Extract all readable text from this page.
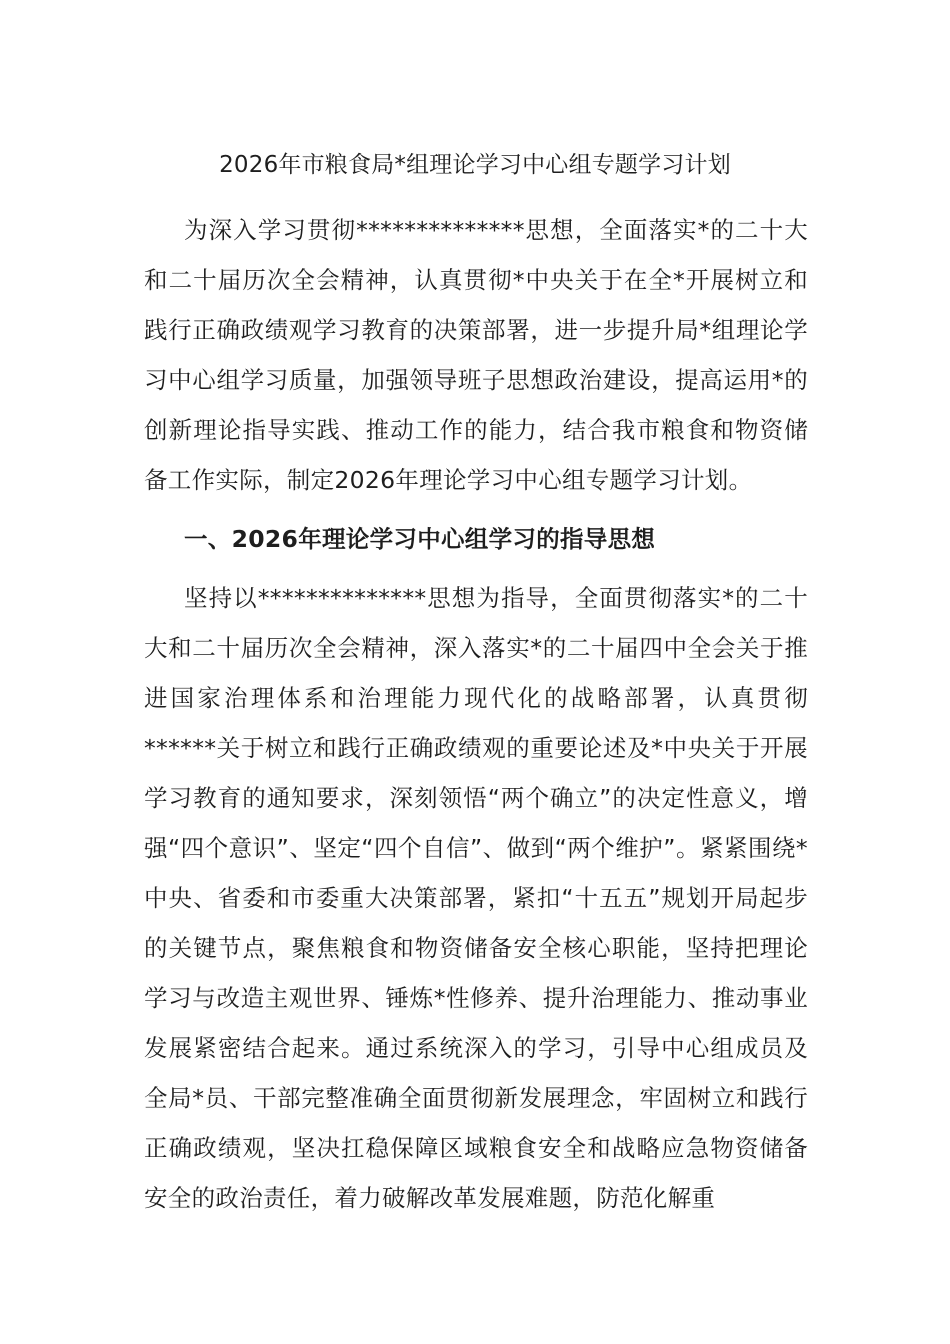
2026年市粮食局*组理论学习中心组专题学习计划

为深入学习贯彻**************思想，全面落实*的二十大和二十届历次全会精神，认真贯彻*中央关于在全*开展树立和践行正确政绩观学习教育的决策部署，进一步提升局*组理论学习中心组学习质量，加强领导班子思想政治建设，提高运用*的创新理论指导实践、推动工作的能力，结合我市粮食和物资储备工作实际，制定2026年理论学习中心组专题学习计划。

一、2026年理论学习中心组学习的指导思想

坚持以**************思想为指导，全面贯彻落实*的二十大和二十届历次全会精神，深入落实*的二十届四中全会关于推进国家治理体系和治理能力现代化的战略部署，认真贯彻******关于树立和践行正确政绩观的重要论述及*中央关于开展学习教育的通知要求，深刻领悟“两个确立”的决定性意义，增强“四个意识”、坚定“四个自信”、做到“两个维护”。紧紧围绕*中央、省委和市委重大决策部署，紧扣“十五五”规划开局起步的关键节点，聚焦粮食和物资储备安全核心职能，坚持把理论学习与改造主观世界、锤炼*性修养、提升治理能力、推动事业发展紧密结合起来。通过系统深入的学习，引导中心组成员及全局*员、干部完整准确全面贯彻新发展理念，牢固树立和践行正确政绩观，坚决扛稳保障区域粮食安全和战略应急物资储备安全的政治责任，着力破解改革发展难题，防范化解重
